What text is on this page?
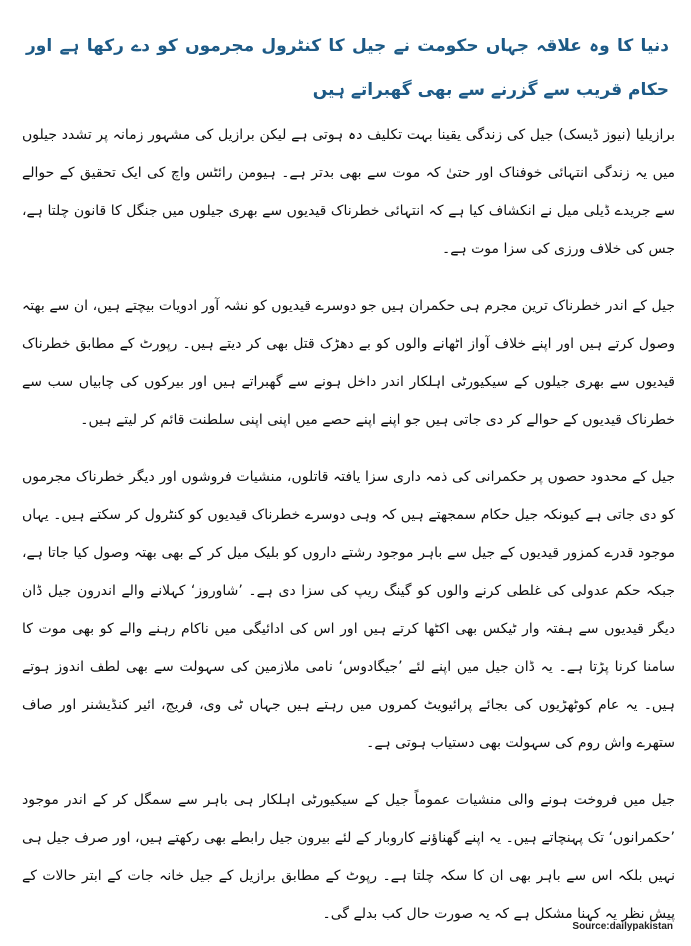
دنیا کا وہ علاقہ جہاں حکومت نے جیل کا کنٹرول مجرموں کو دے رکھا ہے اور حکام قریب سے گزرنے سے بھی گھبراتے ہیں

برازیلیا (نیوز ڈیسک) جیل کی زندگی یقینا بہت تکلیف دہ ہوتی ہے لیکن برازیل کی مشہور زمانہ پر تشدد جیلوں میں یہ زندگی انتہائی خوفناک اور حتیٰ کہ موت سے بھی بدتر ہے۔ ہیومن رائٹس واچ کی ایک تحقیق کے حوالے سے جریدے ڈیلی میل نے انکشاف کیا ہے کہ انتہائی خطرناک قیدیوں سے بھری جیلوں میں جنگل کا قانون چلتا ہے، جس کی خلاف ورزی کی سزا موت ہے۔

جیل کے اندر خطرناک ترین مجرم ہی حکمران ہیں جو دوسرے قیدیوں کو نشہ آور ادویات بیچتے ہیں، ان سے بھتہ وصول کرتے ہیں اور اپنے خلاف آواز اٹھانے والوں کو بے دھڑک قتل بھی کر دیتے ہیں۔ رپورٹ کے مطابق خطرناک قیدیوں سے بھری جیلوں کے سیکیورٹی اہلکار اندر داخل ہونے سے گھبراتے ہیں اور بیرکوں کی چابیاں سب سے خطرناک قیدیوں کے حوالے کر دی جاتی ہیں جو اپنے اپنے حصے میں اپنی اپنی سلطنت قائم کر لیتے ہیں۔

جیل کے محدود حصوں پر حکمرانی کی ذمہ داری سزا یافتہ قاتلوں، منشیات فروشوں اور دیگر خطرناک مجرموں کو دی جاتی ہے کیونکہ جیل حکام سمجھتے ہیں کہ وہی دوسرے خطرناک قیدیوں کو کنٹرول کر سکتے ہیں۔ یہاں موجود قدرے کمزور قیدیوں کے جیل سے باہر موجود رشتے داروں کو بلیک میل کر کے بھی بھتہ وصول کیا جاتا ہے، جبکہ حکم عدولی کی غلطی کرنے والوں کو گینگ ریپ کی سزا دی ہے۔ ’شاوروز‘ کہلانے والے اندرون جیل ڈان دیگر قیدیوں سے ہفتہ وار ٹیکس بھی اکٹھا کرتے ہیں اور اس کی ادائیگی میں ناکام رہنے والے کو بھی موت کا سامنا کرنا پڑتا ہے۔ یہ ڈان جیل میں اپنے لئے ’جیگادوس‘ نامی ملازمین کی سہولت سے بھی لطف اندوز ہوتے ہیں۔ یہ عام کوٹھڑیوں کی بجائے پرائیویٹ کمروں میں رہتے ہیں جہاں ٹی وی، فریج، ائیر کنڈیشنر اور صاف ستھرے واش روم کی سہولت بھی دستیاب ہوتی ہے۔

جیل میں فروخت ہونے والی منشیات عموماً جیل کے سیکیورٹی اہلکار ہی باہر سے سمگل کر کے اندر موجود ’حکمرانوں‘ تک پہنچاتے ہیں۔ یہ اپنے گھناؤنے کاروبار کے لئے بیرون جیل رابطے بھی رکھتے ہیں، اور صرف جیل ہی نہیں بلکہ اس سے باہر بھی ان کا سکہ چلتا ہے۔ رپوٹ کے مطابق برازیل کے جیل خانہ جات کے ابتر حالات کے پیش نظر یہ کہنا مشکل ہے کہ یہ صورت حال کب بدلے گی۔

Source:dailypakistan
